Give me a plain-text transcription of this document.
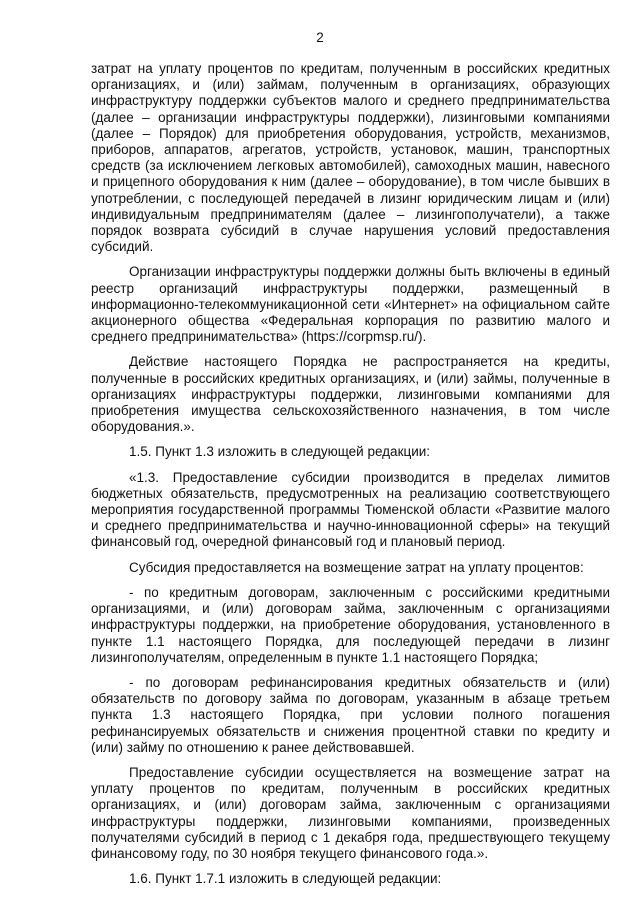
2

затрат на уплату процентов по кредитам, полученным в российских кредитных организациях, и (или) займам, полученным в организациях, образующих инфраструктуру поддержки субъектов малого и среднего предпринимательства (далее – организации инфраструктуры поддержки), лизинговыми компаниями (далее – Порядок) для приобретения оборудования, устройств, механизмов, приборов, аппаратов, агрегатов, устройств, установок, машин, транспортных средств (за исключением легковых автомобилей), самоходных машин, навесного и прицепного оборудования к ним (далее – оборудование), в том числе бывших в употреблении, с последующей передачей в лизинг юридическим лицам и (или) индивидуальным предпринимателям (далее – лизингополучатели), а также порядок возврата субсидий в случае нарушения условий предоставления субсидий.

Организации инфраструктуры поддержки должны быть включены в единый реестр организаций инфраструктуры поддержки, размещенный в информационно-телекоммуникационной сети «Интернет» на официальном сайте акционерного общества «Федеральная корпорация по развитию малого и среднего предпринимательства» (https://corpmsp.ru/).

Действие настоящего Порядка не распространяется на кредиты, полученные в российских кредитных организациях, и (или) займы, полученные в организациях инфраструктуры поддержки, лизинговыми компаниями для приобретения имущества сельскохозяйственного назначения, в том числе оборудования.».

1.5. Пункт 1.3 изложить в следующей редакции:

«1.3. Предоставление субсидии производится в пределах лимитов бюджетных обязательств, предусмотренных на реализацию соответствующего мероприятия государственной программы Тюменской области «Развитие малого и среднего предпринимательства и научно-инновационной сферы» на текущий финансовый год, очередной финансовый год и плановый период.

Субсидия предоставляется на возмещение затрат на уплату процентов:

- по кредитным договорам, заключенным с российскими кредитными организациями, и (или) договорам займа, заключенным с организациями инфраструктуры поддержки, на приобретение оборудования, установленного в пункте 1.1 настоящего Порядка, для последующей передачи в лизинг лизингополучателям, определенным в пункте 1.1 настоящего Порядка;

- по договорам рефинансирования кредитных обязательств и (или) обязательств по договору займа по договорам, указанным в абзаце третьем пункта 1.3 настоящего Порядка, при условии полного погашения рефинансируемых обязательств и снижения процентной ставки по кредиту и (или) займу по отношению к ранее действовавшей.

Предоставление субсидии осуществляется на возмещение затрат на уплату процентов по кредитам, полученным в российских кредитных организациях, и (или) договорам займа, заключенным с организациями инфраструктуры поддержки, лизинговыми компаниями, произведенных получателями субсидий в период с 1 декабря года, предшествующего текущему финансовому году, по 30 ноября текущего финансового года.».

1.6. Пункт 1.7.1 изложить в следующей редакции:
